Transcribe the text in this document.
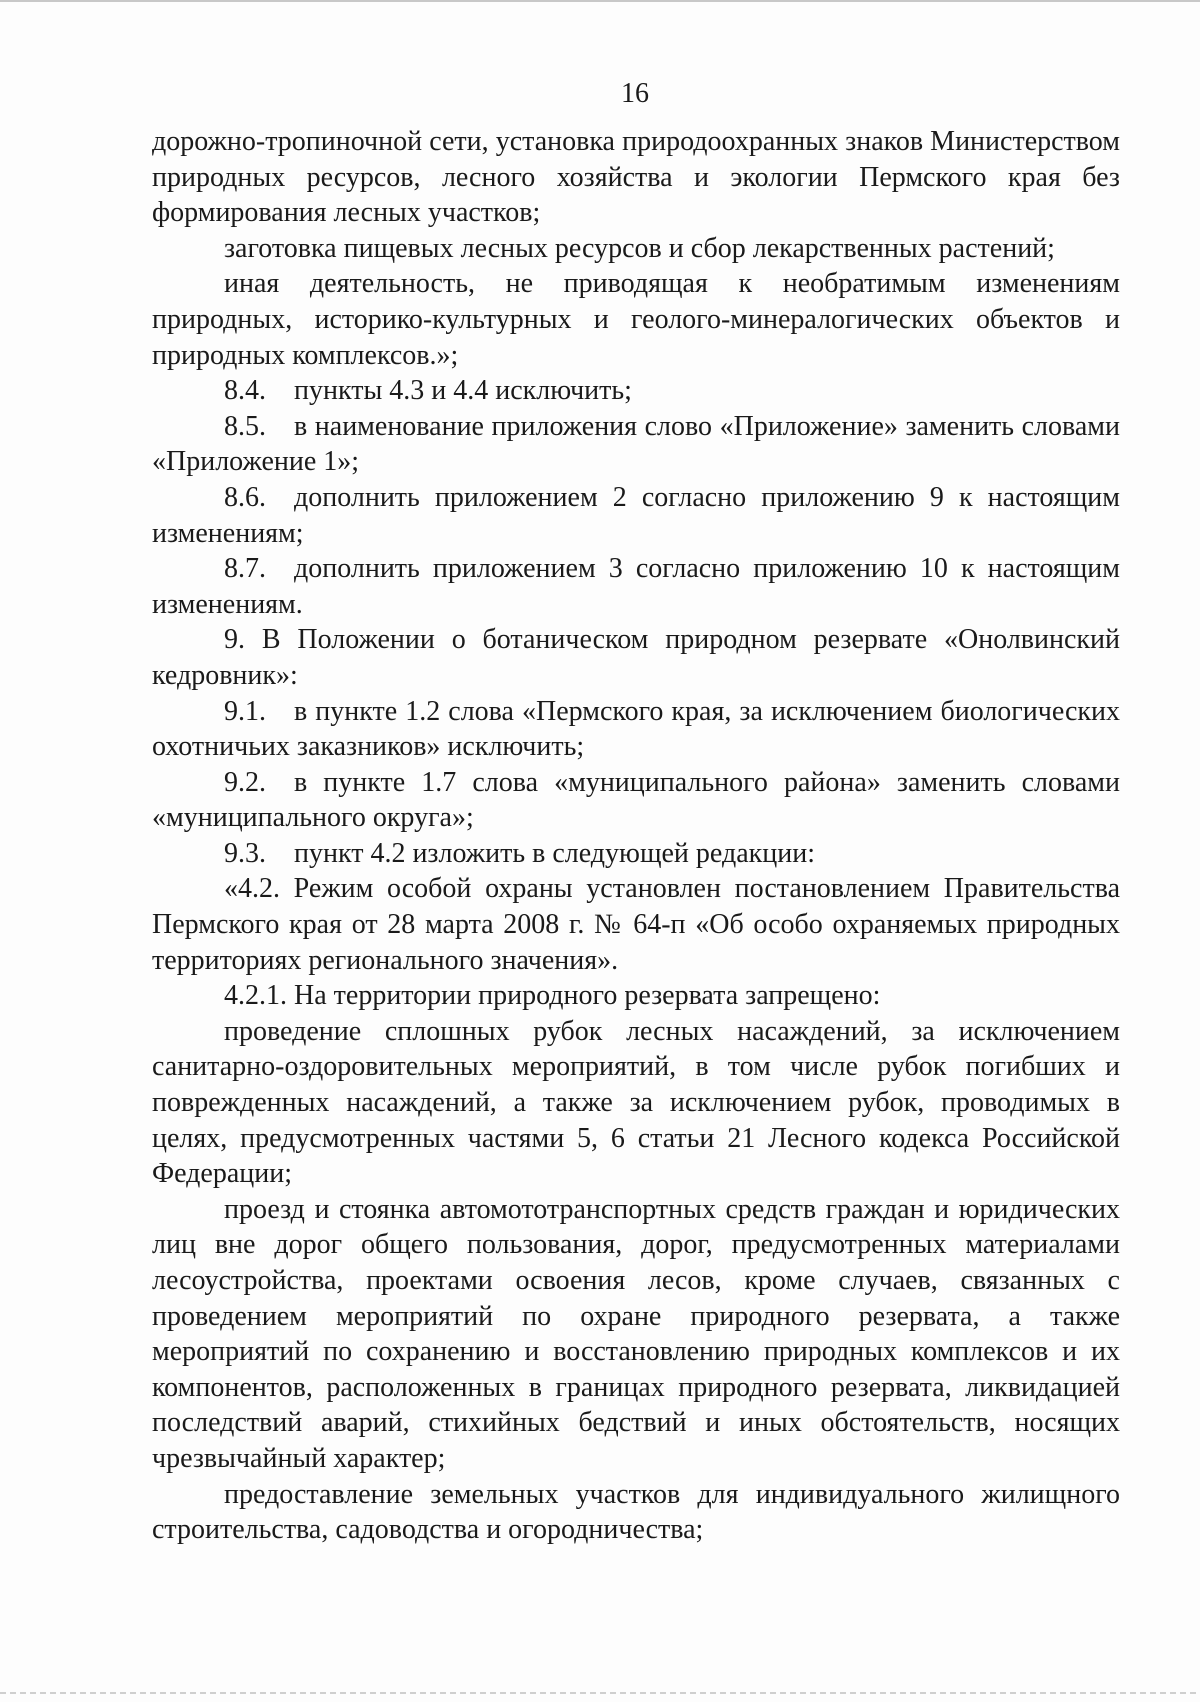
16

дорожно-тропиночной сети, установка природоохранных знаков Министерством природных ресурсов, лесного хозяйства и экологии Пермского края без формирования лесных участков;

заготовка пищевых лесных ресурсов и сбор лекарственных растений;

иная деятельность, не приводящая к необратимым изменениям природных, историко-культурных и геолого-минералогических объектов и природных комплексов.»;

8.4. пункты 4.3 и 4.4 исключить;

8.5. в наименование приложения слово «Приложение» заменить словами «Приложение 1»;

8.6. дополнить приложением 2 согласно приложению 9 к настоящим изменениям;

8.7. дополнить приложением 3 согласно приложению 10 к настоящим изменениям.

9. В Положении о ботаническом природном резервате «Онолвинский кедровник»:

9.1. в пункте 1.2 слова «Пермского края, за исключением биологических охотничьих заказников» исключить;

9.2. в пункте 1.7 слова «муниципального района» заменить словами «муниципального округа»;

9.3. пункт 4.2 изложить в следующей редакции:

«4.2. Режим особой охраны установлен постановлением Правительства Пермского края от 28 марта 2008 г. № 64-п «Об особо охраняемых природных территориях регионального значения».

4.2.1. На территории природного резервата запрещено:

проведение сплошных рубок лесных насаждений, за исключением санитарно-оздоровительных мероприятий, в том числе рубок погибших и поврежденных насаждений, а также за исключением рубок, проводимых в целях, предусмотренных частями 5, 6 статьи 21 Лесного кодекса Российской Федерации;

проезд и стоянка автомототранспортных средств граждан и юридических лиц вне дорог общего пользования, дорог, предусмотренных материалами лесоустройства, проектами освоения лесов, кроме случаев, связанных с проведением мероприятий по охране природного резервата, а также мероприятий по сохранению и восстановлению природных комплексов и их компонентов, расположенных в границах природного резервата, ликвидацией последствий аварий, стихийных бедствий и иных обстоятельств, носящих чрезвычайный характер;

предоставление земельных участков для индивидуального жилищного строительства, садоводства и огородничества;
